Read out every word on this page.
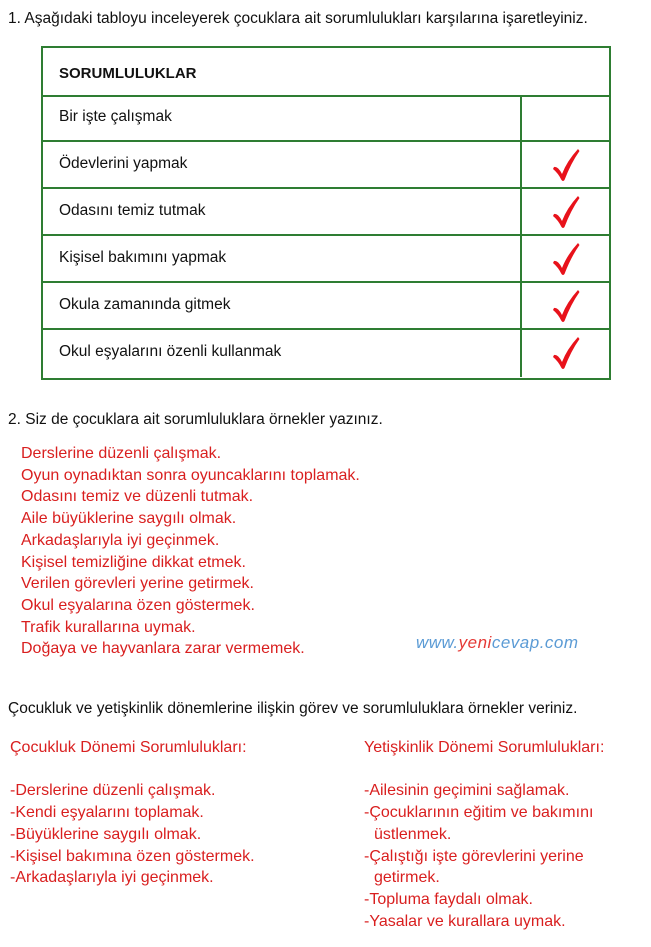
1. Aşağıdaki tabloyu inceleyerek çocuklara ait sorumlulukları karşılarına işaretleyiniz.
SORUMLULUKLAR
Bir işte çalışmak
Ödevlerini yapmak
Odasını temiz tutmak
Kişisel bakımını yapmak
Okula zamanında gitmek
Okul eşyalarını özenli kullanmak
2. Siz de çocuklara ait sorumluluklara örnekler yazınız.
Derslerine düzenli çalışmak.
Oyun oynadıktan sonra oyuncaklarını toplamak.
Odasını temiz ve düzenli tutmak.
Aile büyüklerine saygılı olmak.
Arkadaşlarıyla iyi geçinmek.
Kişisel temizliğine dikkat etmek.
Verilen görevleri yerine getirmek.
Okul eşyalarına özen göstermek.
Trafik kurallarına uymak.
Doğaya ve hayvanlara zarar vermemek.	www.yenicevap.com
Çocukluk ve yetişkinlik dönemlerine ilişkin görev ve sorumluluklara örnekler veriniz.
Çocukluk Dönemi Sorumlulukları:
-Derslerine düzenli çalışmak.
-Kendi eşyalarını toplamak.
-Büyüklerine saygılı olmak.
-Kişisel bakımına özen göstermek.
-Arkadaşlarıyla iyi geçinmek.
Yetişkinlik Dönemi Sorumlulukları:
-Ailesinin geçimini sağlamak.
-Çocuklarının eğitim ve bakımını
üstlenmek.
-Çalıştığı işte görevlerini yerine
getirmek.
-Topluma faydalı olmak.
-Yasalar ve kurallara uymak.
